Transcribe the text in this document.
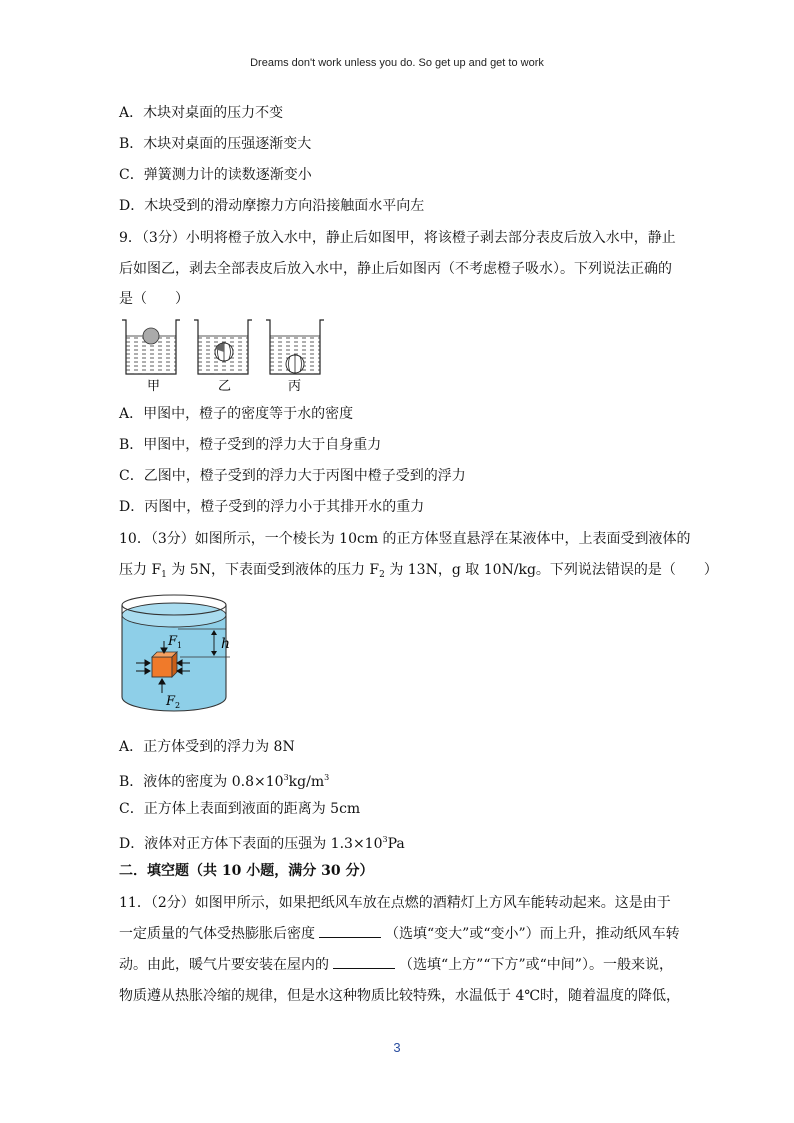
Dreams don't work unless you do. So get up and get to work
A．木块对桌面的压力不变
B．木块对桌面的压强逐渐变大
C．弹簧测力计的读数逐渐变小
D．木块受到的滑动摩擦力方向沿接触面水平向左
9．（3分）小明将橙子放入水中，静止后如图甲，将该橙子剥去部分表皮后放入水中，静止
后如图乙，剥去全部表皮后放入水中，静止后如图丙（不考虑橙子吸水）。下列说法正确的
是（　　）
甲	乙	丙
A．甲图中，橙子的密度等于水的密度
B．甲图中，橙子受到的浮力大于自身重力
C．乙图中，橙子受到的浮力大于丙图中橙子受到的浮力
D．丙图中，橙子受到的浮力小于其排开水的重力
10．（3分）如图所示，一个棱长为 10cm 的正方体竖直悬浮在某液体中，上表面受到液体的
压力 $F_1$ 为 5N，下表面受到液体的压力 $F_2$ 为 13N，g 取 10N/kg。下列说法错误的是（　　）
h
$F_1$
$F_2$
A．正方体受到的浮力为 8N
B．液体的密度为 $0.8\times 10^3kg/m^3$
C．正方体上表面到液面的距离为 5cm
D．液体对正方体下表面的压强为 $1.3\times 10^3Pa$
二．填空题（共 10 小题，满分 30 分）
11．（2分）如图甲所示，如果把纸风车放在点燃的酒精灯上方风车能转动起来。这是由于
一定质量的气体受热膨胀后密度	（选填“变大”或“变小”）而上升，推动纸风车转
动。由此，暖气片要安装在屋内的	（选填“上方”“下方”或“中间”）。一般来说，
物质遵从热胀冷缩的规律，但是水这种物质比较特殊，水温低于 4℃时，随着温度的降低，
3
